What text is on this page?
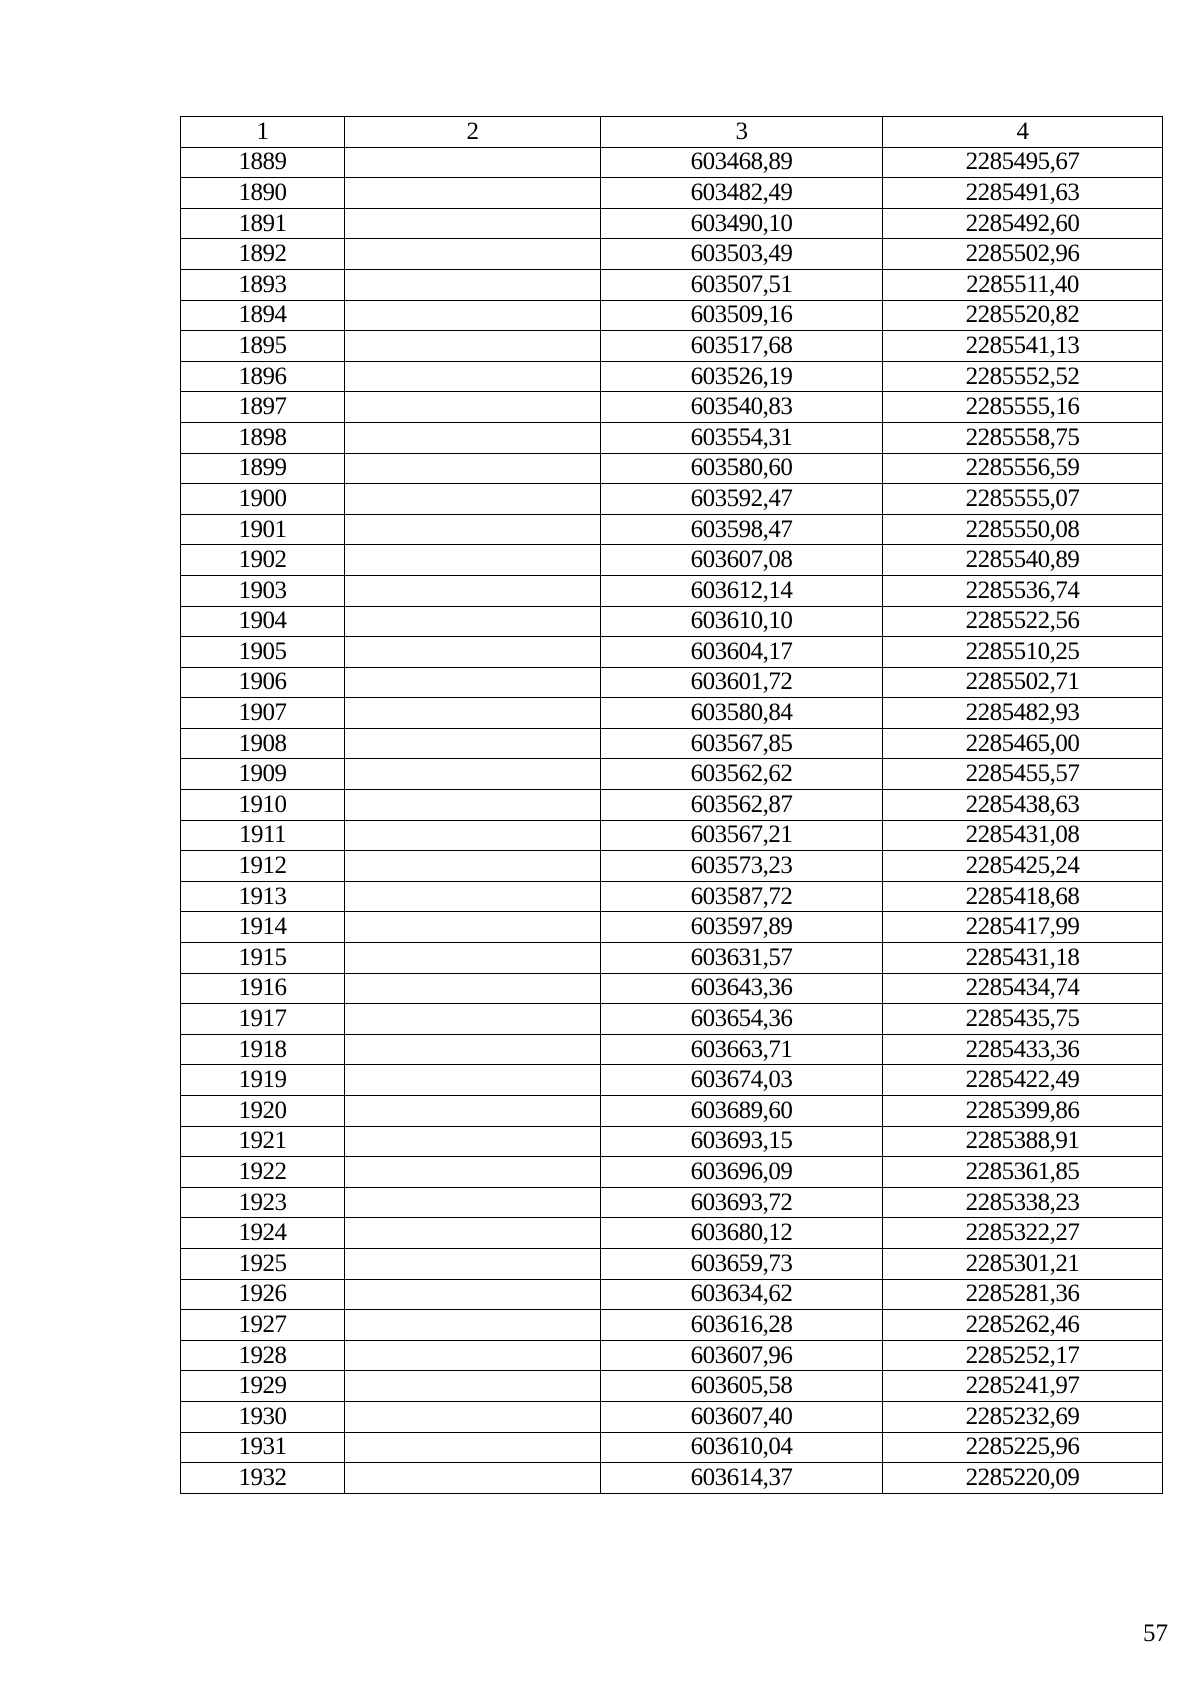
1	2	3	4
1889		603468,89	2285495,67
1890		603482,49	2285491,63
1891		603490,10	2285492,60
1892		603503,49	2285502,96
1893		603507,51	2285511,40
1894		603509,16	2285520,82
1895		603517,68	2285541,13
1896		603526,19	2285552,52
1897		603540,83	2285555,16
1898		603554,31	2285558,75
1899		603580,60	2285556,59
1900		603592,47	2285555,07
1901		603598,47	2285550,08
1902		603607,08	2285540,89
1903		603612,14	2285536,74
1904		603610,10	2285522,56
1905		603604,17	2285510,25
1906		603601,72	2285502,71
1907		603580,84	2285482,93
1908		603567,85	2285465,00
1909		603562,62	2285455,57
1910		603562,87	2285438,63
1911		603567,21	2285431,08
1912		603573,23	2285425,24
1913		603587,72	2285418,68
1914		603597,89	2285417,99
1915		603631,57	2285431,18
1916		603643,36	2285434,74
1917		603654,36	2285435,75
1918		603663,71	2285433,36
1919		603674,03	2285422,49
1920		603689,60	2285399,86
1921		603693,15	2285388,91
1922		603696,09	2285361,85
1923		603693,72	2285338,23
1924		603680,12	2285322,27
1925		603659,73	2285301,21
1926		603634,62	2285281,36
1927		603616,28	2285262,46
1928		603607,96	2285252,17
1929		603605,58	2285241,97
1930		603607,40	2285232,69
1931		603610,04	2285225,96
1932		603614,37	2285220,09
57
